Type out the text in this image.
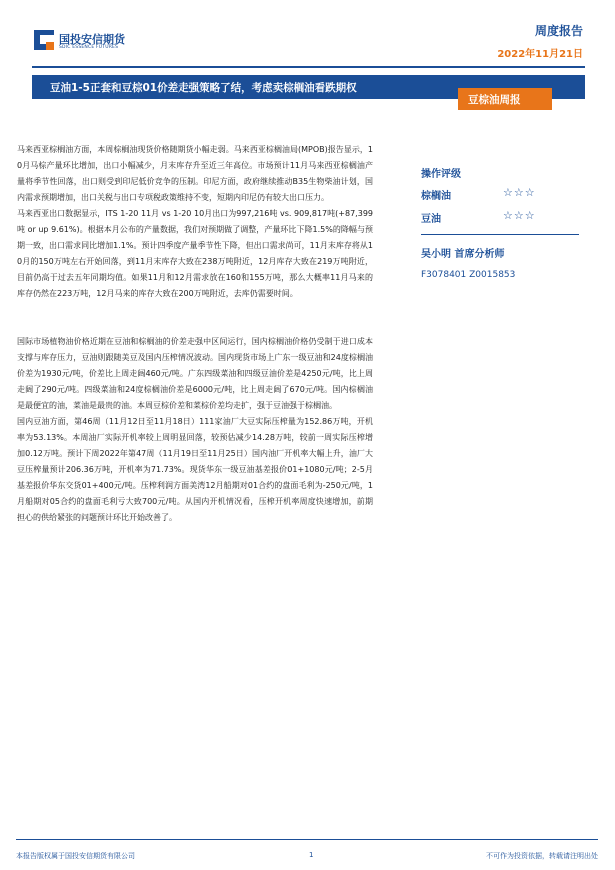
国投安信期货
SDIC ESSENCE FUTURES
周度报告
2022年11月21日
豆油1-5正套和豆棕01价差走强策略了结，考虑卖棕榈油看跌期权
豆棕油周报

马来西亚棕榈油方面，本周棕榈油现货价格随期货小幅走弱。马来西亚棕榈油局(MPOB)报告显示，10月马棕产量环比增加，出口小幅减少，月末库存升至近三年高位。市场预计11月马来西亚棕榈油产量将季节性回落，出口则受到印尼低价竞争的压制。印尼方面，政府继续推动B35生物柴油计划，国内需求预期增加，出口关税与出口专项税政策维持不变，短期内印尼仍有较大出口压力。

马来西亚出口数据显示，ITS 1-20 11月 vs 1-20 10月出口为997,216吨 vs. 909,817吨(+87,399吨 or up 9.61%)。根据本月公布的产量数据，我们对预期做了调整，产量环比下降1.5%的降幅与预期一致，出口需求同比增加1.1%。预计四季度产量季节性下降，但出口需求尚可，11月末库存将从10月的150万吨左右开始回落，到11月末库存大致在238万吨附近，12月库存大致在219万吨附近，目前仍高于过去五年同期均值。如果11月和12月需求放在160和155万吨，那么大概率11月马来的库存仍然在223万吨，12月马来的库存大致在200万吨附近，去库仍需要时间。

国际市场植物油价格近期在豆油和棕榈油的价差走强中区间运行，国内棕榈油价格仍受制于进口成本支撑与库存压力，豆油则跟随美豆及国内压榨情况波动。国内现货市场上广东一级豆油和24度棕榈油价差为1930元/吨，价差比上周走阔460元/吨。广东四级菜油和四级豆油价差是4250元/吨，比上周走阔了290元/吨。四级菜油和24度棕榈油价差是6000元/吨，比上周走阔了670元/吨。国内棕榈油是最便宜的油，菜油是最贵的油。本周豆棕价差和菜棕价差均走扩，强于豆油强于棕榈油。

国内豆油方面，第46周（11月12日至11月18日）111家油厂大豆实际压榨量为152.86万吨，开机率为53.13%。本周油厂实际开机率较上周明显回落，较预估减少14.28万吨，较前一周实际压榨增加0.12万吨。预计下周2022年第47周（11月19日至11月25日）国内油厂开机率大幅上升，油厂大豆压榨量预计206.36万吨，开机率为71.73%。现货华东一级豆油基差报价01+1080元/吨；2-5月基差报价华东交货01+400元/吨。压榨利润方面美湾12月船期对01合约的盘面毛利为-250元/吨，1月船期对05合约的盘面毛利亏大致700元/吨。从国内开机情况看，压榨开机率周度快速增加，前期担心的供给紧张的问题预计环比开始改善了。

操作评级
棕榈油	☆☆☆
豆油	☆☆☆
吴小明 首席分析师
F3078401 Z0015853
本报告版权属于国投安信期货有限公司	1	不可作为投资依据，转载请注明出处
